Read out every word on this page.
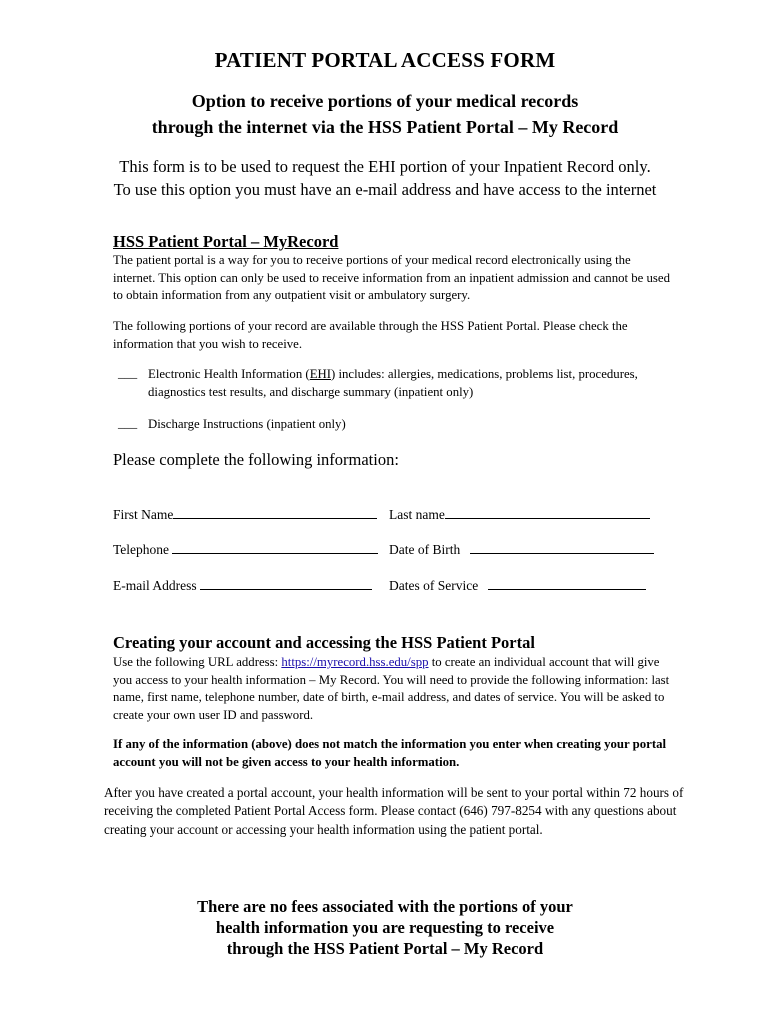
PATIENT PORTAL ACCESS FORM
Option to receive portions of your medical records
through the internet via the HSS Patient Portal – My Record
This form is to be used to request the EHI portion of your Inpatient Record only.
To use this option you must have an e-mail address and have access to the internet
HSS Patient Portal – MyRecord
The patient portal is a way for you to receive portions of your medical record electronically using the internet. This option can only be used to receive information from an inpatient admission and cannot be used to obtain information from any outpatient visit or ambulatory surgery.
The following portions of your record are available through the HSS Patient Portal. Please check the information that you wish to receive.
___ Electronic Health Information (EHI) includes: allergies, medications, problems list, procedures, diagnostics test results, and discharge summary (inpatient only)
___ Discharge Instructions (inpatient only)
Please complete the following information:
First Name	Last name
Telephone	Date of Birth
E-mail Address	Dates of Service
Creating your account and accessing the HSS Patient Portal
Use the following URL address: https://myrecord.hss.edu/spp to create an individual account that will give you access to your health information – My Record. You will need to provide the following information: last name, first name, telephone number, date of birth, e-mail address, and dates of service. You will be asked to create your own user ID and password.
If any of the information (above) does not match the information you enter when creating your portal account you will not be given access to your health information.
After you have created a portal account, your health information will be sent to your portal within 72 hours of receiving the completed Patient Portal Access form. Please contact (646) 797-8254 with any questions about creating your account or accessing your health information using the patient portal.
There are no fees associated with the portions of your
health information you are requesting to receive
through the HSS Patient Portal – My Record
